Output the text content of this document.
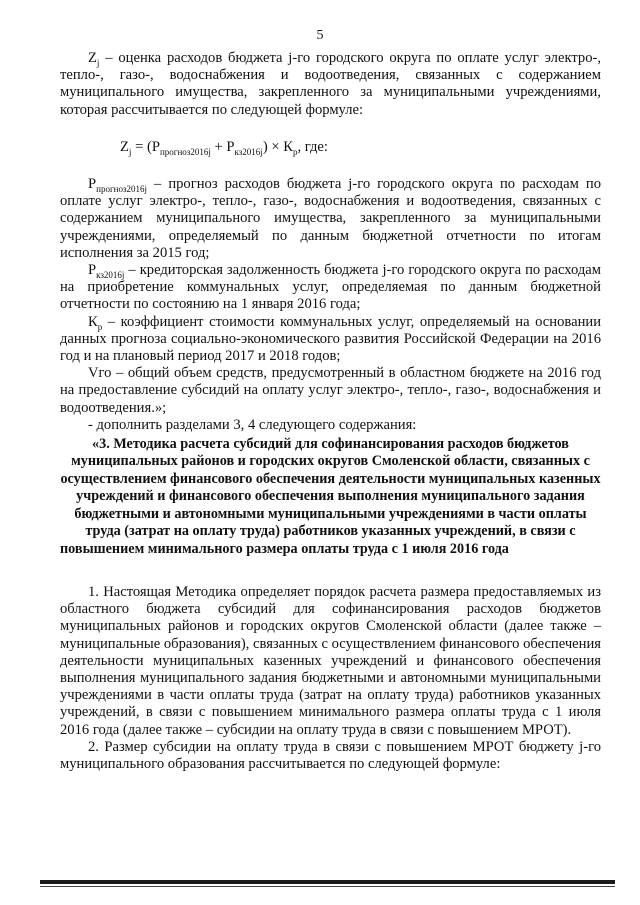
5

$Z_j$ – оценка расходов бюджета j-го городского округа по оплате услуг электро-, тепло-, газо-, водоснабжения и водоотведения, связанных с содержанием муниципального имущества, закрепленного за муниципальными учреждениями, которая рассчитывается по следующей формуле:

$Z_j = (Р_{прогноз2016j} + Р_{кз2016j}) \times К_р$, где:

$Р_{прогноз2016j}$ – прогноз расходов бюджета j-го городского округа по расходам по оплате услуг электро-, тепло-, газо-, водоснабжения и водоотведения, связанных с содержанием муниципального имущества, закрепленного за муниципальными учреждениями, определяемый по данным бюджетной отчетности по итогам исполнения за 2015 год;

$Р_{кз2016j}$ – кредиторская задолженность бюджета j-го городского округа по расходам на приобретение коммунальных услуг, определяемая по данным бюджетной отчетности по состоянию на 1 января 2016 года;

$К_р$ – коэффициент стоимости коммунальных услуг, определяемый на основании данных прогноза социально-экономического развития Российской Федерации на 2016 год и на плановый период 2017 и 2018 годов;

Vго – общий объем средств, предусмотренный в областном бюджете на 2016 год на предоставление субсидий на оплату услуг электро-, тепло-, газо-, водоснабжения и водоотведения.»;

- дополнить разделами 3, 4 следующего содержания:

«3. Методика расчета субсидий для софинансирования расходов бюджетов муниципальных районов и городских округов Смоленской области, связанных с осуществлением финансового обеспечения деятельности муниципальных казенных учреждений и финансового обеспечения выполнения муниципального задания бюджетными и автономными муниципальными учреждениями в части оплаты труда (затрат на оплату труда) работников указанных учреждений, в связи с повышением минимального размера оплаты труда с 1 июля 2016 года

1. Настоящая Методика определяет порядок расчета размера предоставляемых из областного бюджета субсидий для софинансирования расходов бюджетов муниципальных районов и городских округов Смоленской области (далее также – муниципальные образования), связанных с осуществлением финансового обеспечения деятельности муниципальных казенных учреждений и финансового обеспечения выполнения муниципального задания бюджетными и автономными муниципальными учреждениями в части оплаты труда (затрат на оплату труда) работников указанных учреждений, в связи с повышением минимального размера оплаты труда с 1 июля 2016 года (далее также – субсидии на оплату труда в связи с повышением МРОТ).

2. Размер субсидии на оплату труда в связи с повышением МРОТ бюджету j-го муниципального образования рассчитывается по следующей формуле:
